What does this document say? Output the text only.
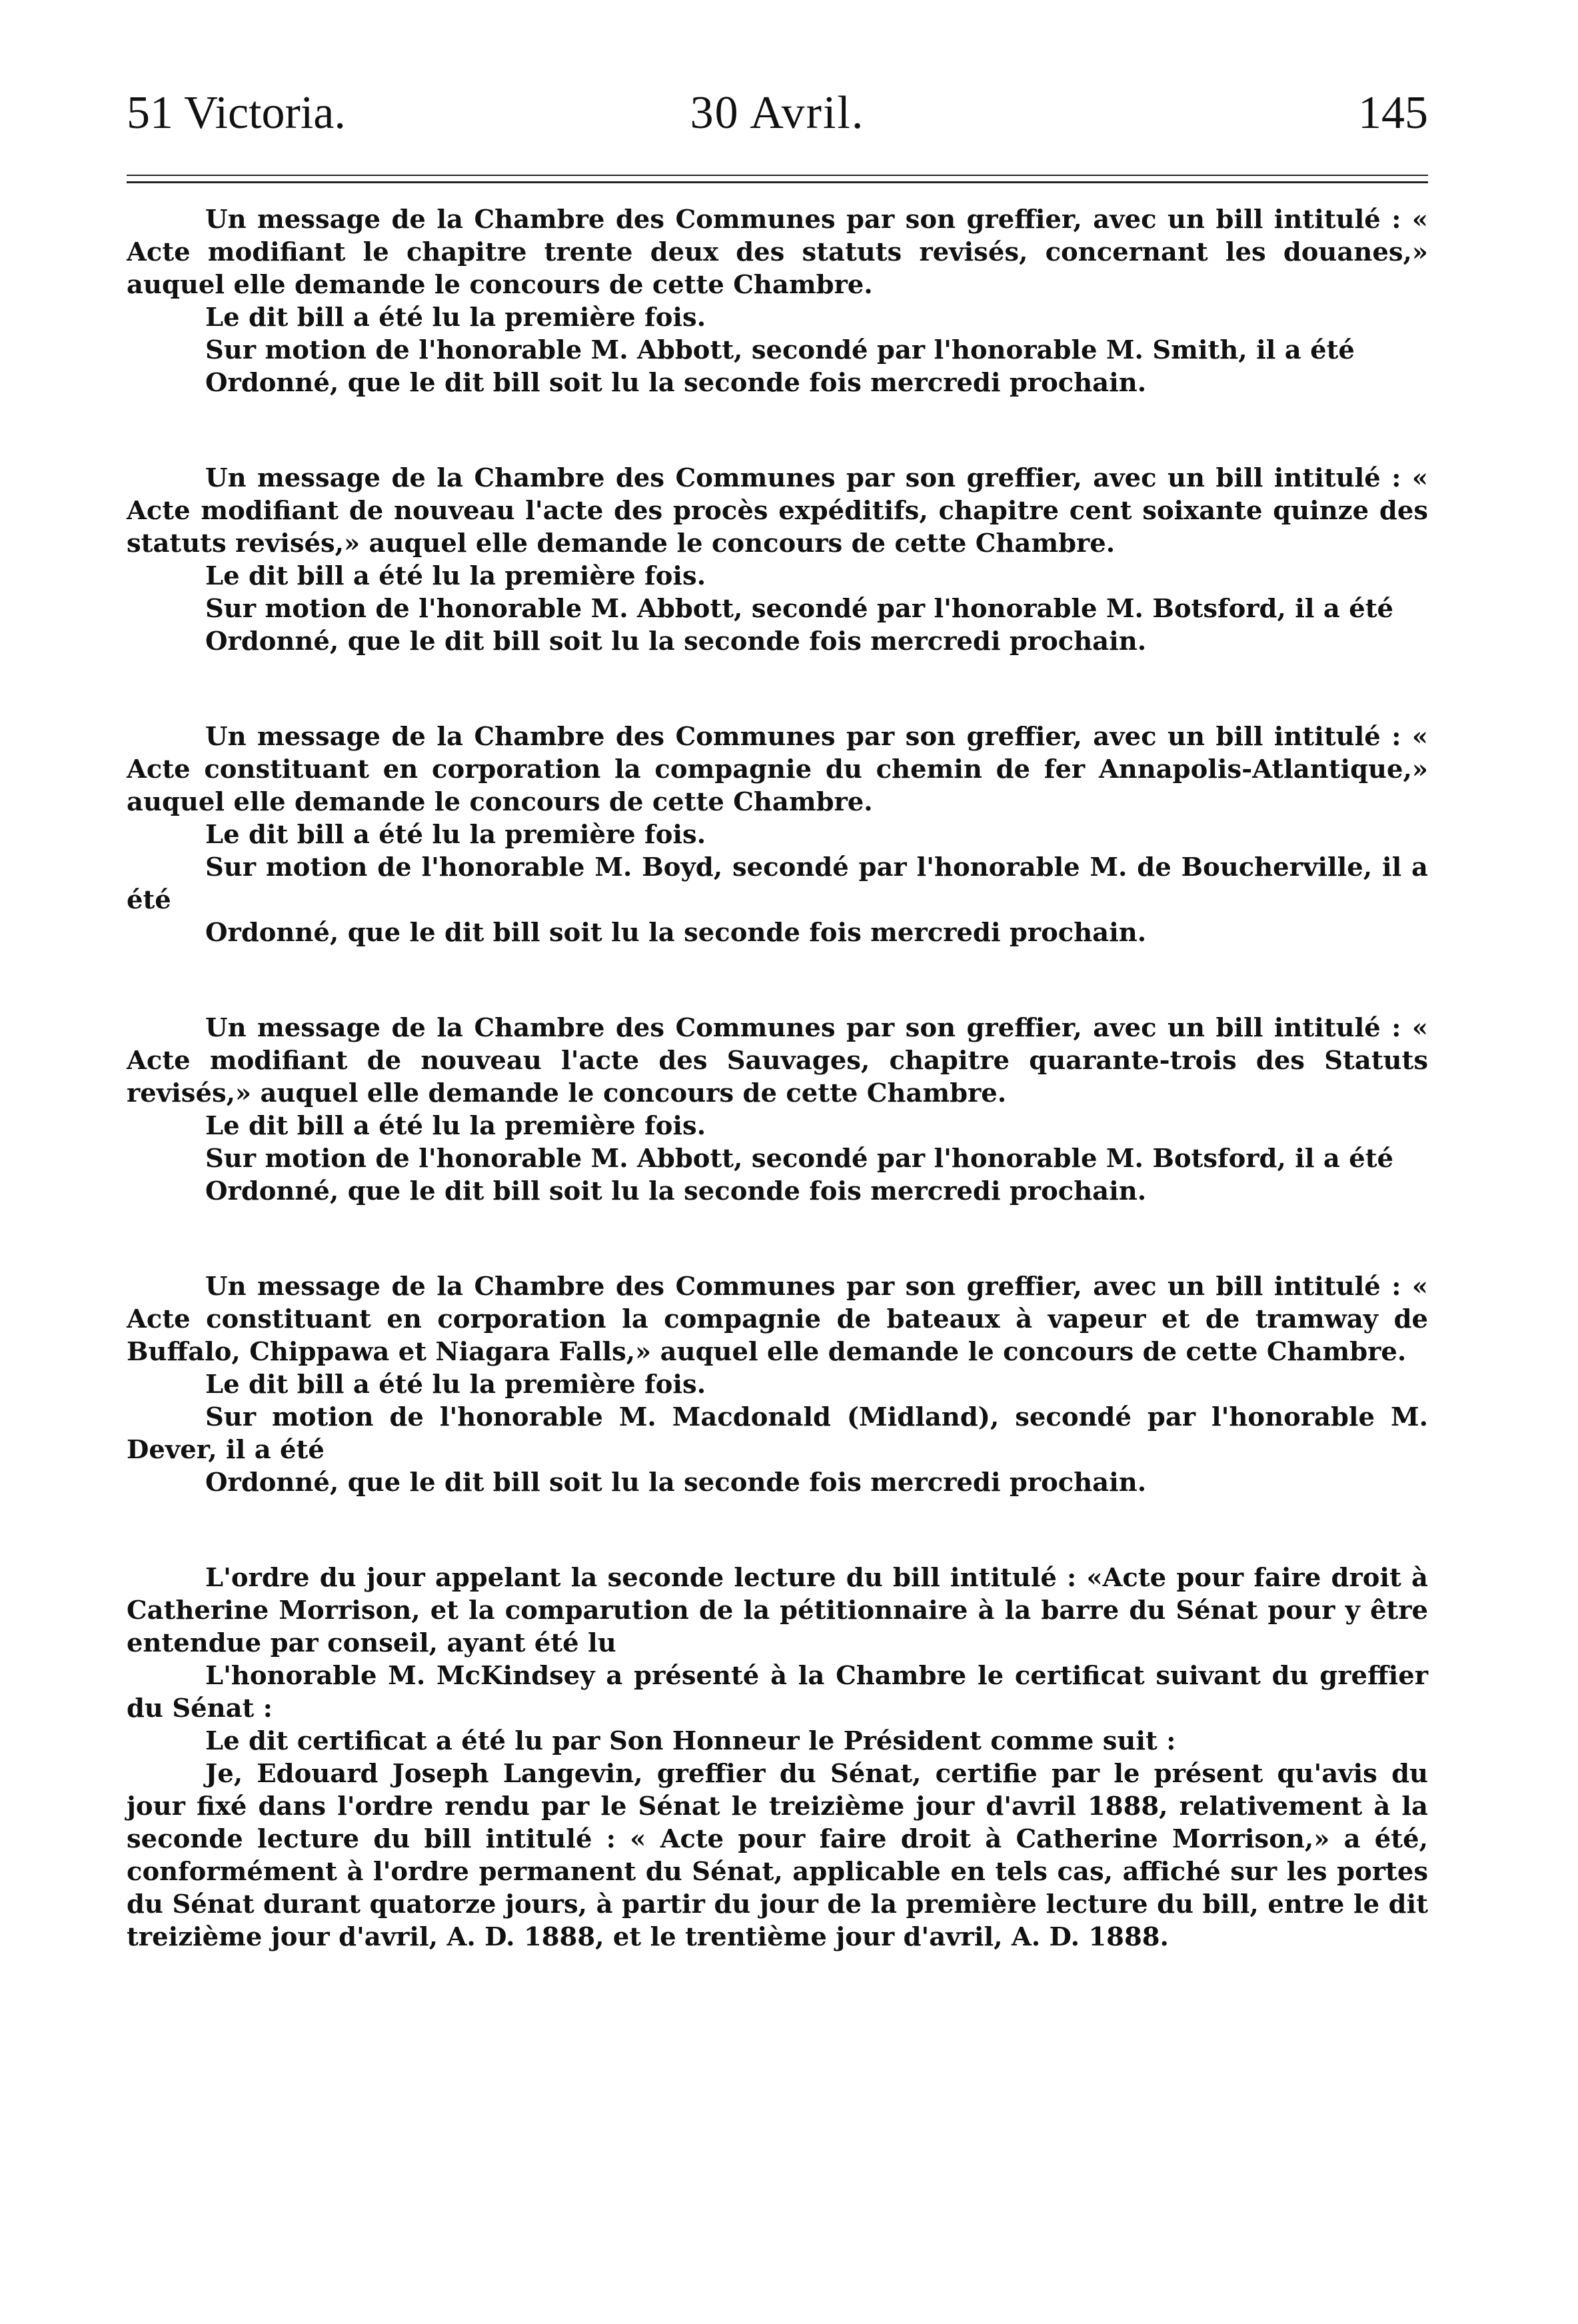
51 Victoria.	30 Avril.	145

Un message de la Chambre des Communes par son greffier, avec un bill intitulé : « Acte modifiant le chapitre trente deux des statuts revisés, concernant les douanes,» auquel elle demande le concours de cette Chambre.

Le dit bill a été lu la première fois.

Sur motion de l'honorable M. Abbott, secondé par l'honorable M. Smith, il a été

Ordonné, que le dit bill soit lu la seconde fois mercredi prochain.

Un message de la Chambre des Communes par son greffier, avec un bill intitulé : « Acte modifiant de nouveau l'acte des procès expéditifs, chapitre cent soixante quinze des statuts revisés,» auquel elle demande le concours de cette Chambre.

Le dit bill a été lu la première fois.

Sur motion de l'honorable M. Abbott, secondé par l'honorable M. Botsford, il a été

Ordonné, que le dit bill soit lu la seconde fois mercredi prochain.

Un message de la Chambre des Communes par son greffier, avec un bill intitulé : « Acte constituant en corporation la compagnie du chemin de fer Annapolis-Atlantique,» auquel elle demande le concours de cette Chambre.

Le dit bill a été lu la première fois.

Sur motion de l'honorable M. Boyd, secondé par l'honorable M. de Boucherville, il a été

Ordonné, que le dit bill soit lu la seconde fois mercredi prochain.

Un message de la Chambre des Communes par son greffier, avec un bill intitulé : « Acte modifiant de nouveau l'acte des Sauvages, chapitre quarante-trois des Statuts revisés,» auquel elle demande le concours de cette Chambre.

Le dit bill a été lu la première fois.

Sur motion de l'honorable M. Abbott, secondé par l'honorable M. Botsford, il a été

Ordonné, que le dit bill soit lu la seconde fois mercredi prochain.

Un message de la Chambre des Communes par son greffier, avec un bill intitulé : « Acte constituant en corporation la compagnie de bateaux à vapeur et de tramway de Buffalo, Chippawa et Niagara Falls,» auquel elle demande le concours de cette Chambre.

Le dit bill a été lu la première fois.

Sur motion de l'honorable M. Macdonald (Midland), secondé par l'honorable M. Dever, il a été

Ordonné, que le dit bill soit lu la seconde fois mercredi prochain.

L'ordre du jour appelant la seconde lecture du bill intitulé : «Acte pour faire droit à Catherine Morrison, et la comparution de la pétitionnaire à la barre du Sénat pour y être entendue par conseil, ayant été lu

L'honorable M. McKindsey a présenté à la Chambre le certificat suivant du greffier du Sénat :

Le dit certificat a été lu par Son Honneur le Président comme suit :

Je, Edouard Joseph Langevin, greffier du Sénat, certifie par le présent qu'avis du jour fixé dans l'ordre rendu par le Sénat le treizième jour d'avril 1888, relativement à la seconde lecture du bill intitulé : « Acte pour faire droit à Catherine Morrison,» a été, conformément à l'ordre permanent du Sénat, applicable en tels cas, affiché sur les portes du Sénat durant quatorze jours, à partir du jour de la première lecture du bill, entre le dit treizième jour d'avril, A. D. 1888, et le trentième jour d'avril, A. D. 1888.
